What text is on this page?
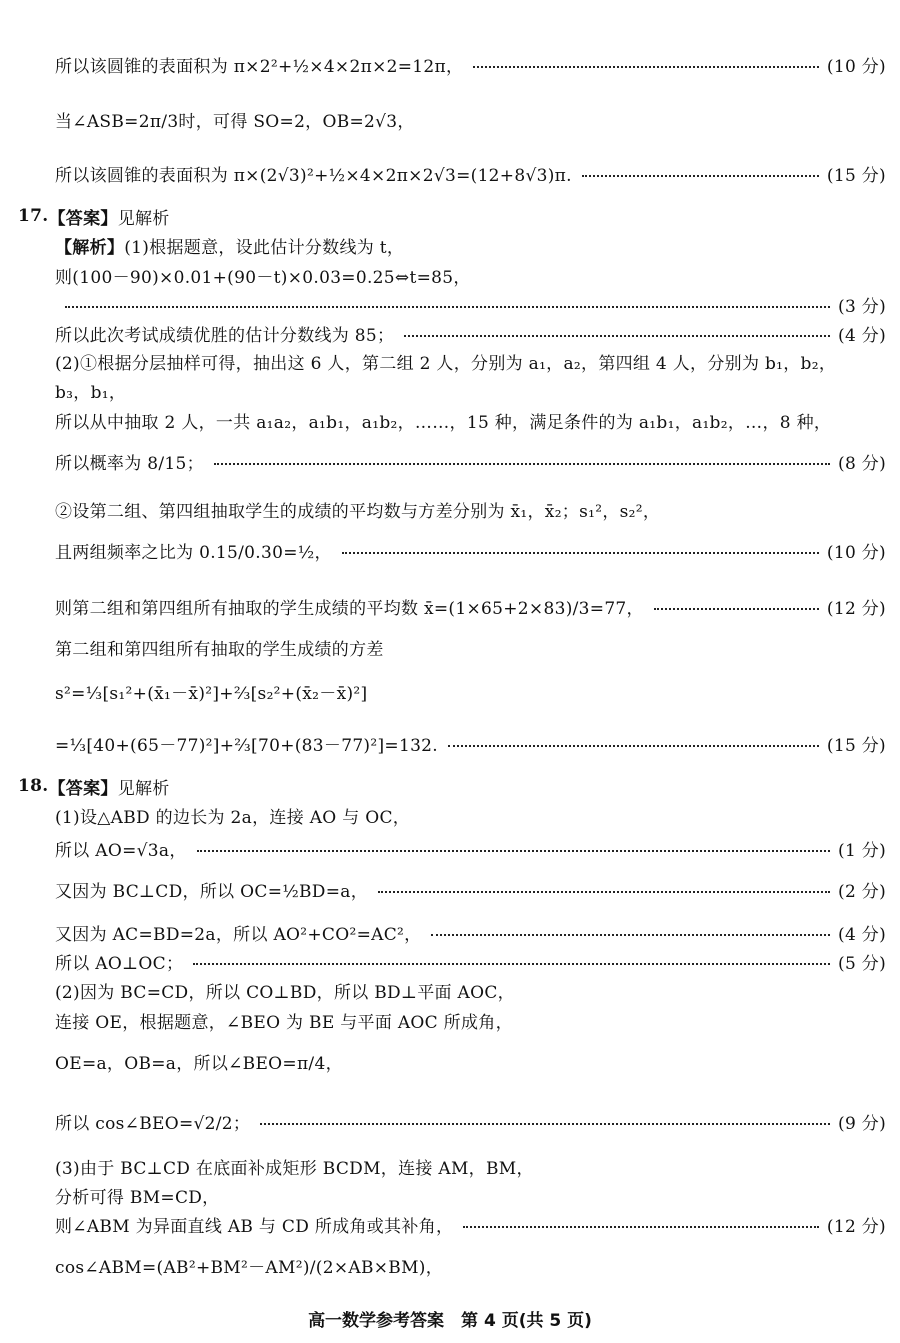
所以该圆锥的表面积为 π×2²+½×4×2π×2=12π，	(10 分)
当∠ASB=2π/3时，可得 SO=2，OB=2√3，
所以该圆锥的表面积为 π×(2√3)²+½×4×2π×2√3=(12+8√3)π.	(15 分)
17. 【答案】 见解析
【解析】 (1)根据题意，设此估计分数线为 t，
则(100－90)×0.01+(90－t)×0.03=0.25⇔t=85，
(3 分)
所以此次考试成绩优胜的估计分数线为 85；	(4 分)
(2)①根据分层抽样可得，抽出这 6 人，第二组 2 人，分别为 a₁，a₂，第四组 4 人，分别为 b₁，b₂，
b₃，b₁，
所以从中抽取 2 人，一共 a₁a₂，a₁b₁，a₁b₂，……，15 种，满足条件的为 a₁b₁，a₁b₂，…，8 种，
所以概率为 8/15；	(8 分)
②设第二组、第四组抽取学生的成绩的平均数与方差分别为 x̄₁，x̄₂；s₁²，s₂²，
且两组频率之比为 0.15/0.30=½，	(10 分)
则第二组和第四组所有抽取的学生成绩的平均数 x̄=(1×65+2×83)/3=77，	(12 分)
第二组和第四组所有抽取的学生成绩的方差
s²=⅓[s₁²+(x̄₁－x̄)²]+⅔[s₂²+(x̄₂－x̄)²]
=⅓[40+(65－77)²]+⅔[70+(83－77)²]=132.	(15 分)
18. 【答案】 见解析
(1)设△ABD 的边长为 2a，连接 AO 与 OC，
所以 AO=√3a，	(1 分)
又因为 BC⊥CD，所以 OC=½BD=a，	(2 分)
又因为 AC=BD=2a，所以 AO²+CO²=AC²，	(4 分)
所以 AO⊥OC；	(5 分)
(2)因为 BC=CD，所以 CO⊥BD，所以 BD⊥平面 AOC，
连接 OE，根据题意，∠BEO 为 BE 与平面 AOC 所成角，
OE=a，OB=a，所以∠BEO=π/4，
所以 cos∠BEO=√2/2；	(9 分)
(3)由于 BC⊥CD 在底面补成矩形 BCDM，连接 AM，BM，
分析可得 BM=CD，
则∠ABM 为异面直线 AB 与 CD 所成角或其补角，	(12 分)
cos∠ABM=(AB²+BM²－AM²)/(2×AB×BM)，
高一数学参考答案　第 4 页(共 5 页)
